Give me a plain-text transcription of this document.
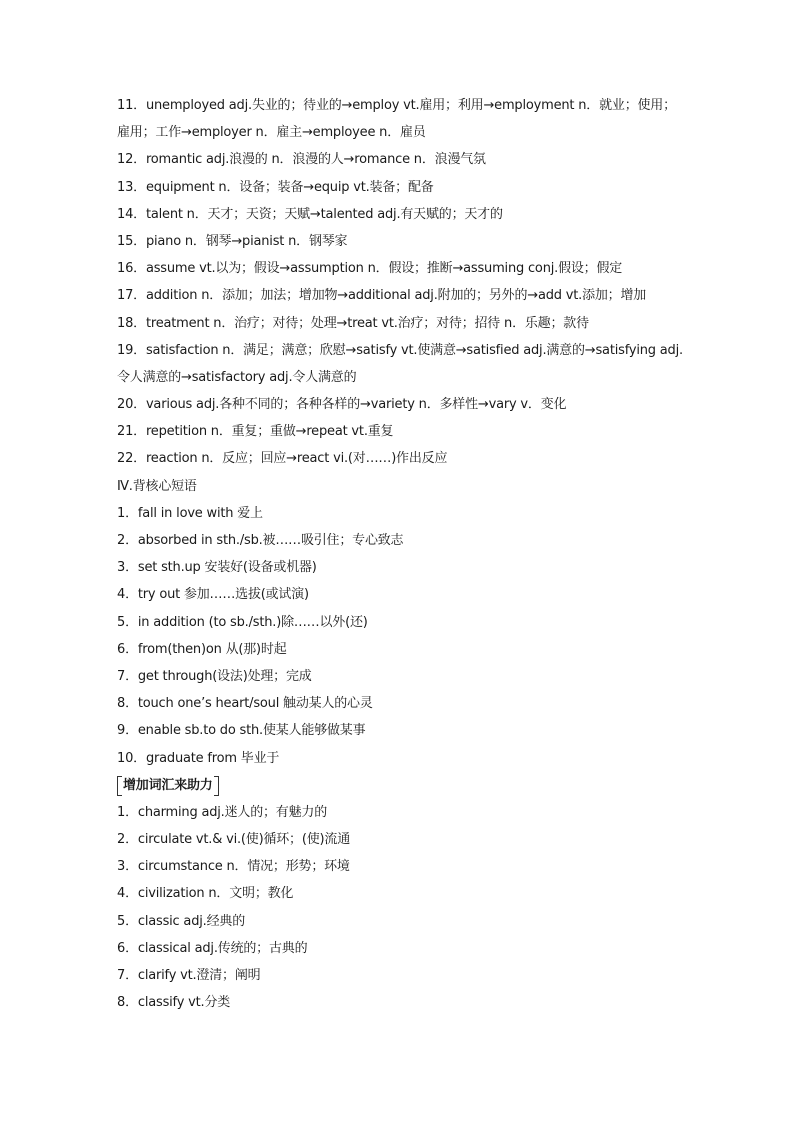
11．unemployed adj.失业的；待业的→employ vt.雇用；利用→employment n．就业；使用；
雇用；工作→employer n．雇主→employee n．雇员
12．romantic adj.浪漫的 n．浪漫的人→romance n．浪漫气氛
13．equipment n．设备；装备→equip vt.装备；配备
14．talent n．天才；天资；天赋→talented adj.有天赋的；天才的
15．piano n．钢琴→pianist n．钢琴家
16．assume vt.以为；假设→assumption n．假设；推断→assuming conj.假设；假定
17．addition n．添加；加法；增加物→additional adj.附加的；另外的→add vt.添加；增加
18．treatment n．治疗；对待；处理→treat vt.治疗；对待；招待 n．乐趣；款待
19．satisfaction n．满足；满意；欣慰→satisfy vt.使满意→satisfied adj.满意的→satisfying adj.
令人满意的→satisfactory adj.令人满意的
20．various adj.各种不同的；各种各样的→variety n．多样性→vary v．变化
21．repetition n．重复；重做→repeat vt.重复
22．reaction n．反应；回应→react vi.(对……)作出反应
Ⅳ.背核心短语
1．fall in love with 爱上
2．absorbed in sth./sb.被……吸引住；专心致志
3．set sth.up 安装好(设备或机器)
4．try out 参加……选拔(或试演)
5．in addition (to sb./sth.)除……以外(还)
6．from(then)on 从(那)时起
7．get through(设法)处理；完成
8．touch one’s heart/soul 触动某人的心灵
9．enable sb.to do sth.使某人能够做某事
10．graduate from 毕业于
增加词汇来助力
1．charming adj.迷人的；有魅力的
2．circulate vt.& vi.(使)循环；(使)流通
3．circumstance n．情况；形势；环境
4．civilization n．文明；教化
5．classic adj.经典的
6．classical adj.传统的；古典的
7．clarify vt.澄清；阐明
8．classify vt.分类
